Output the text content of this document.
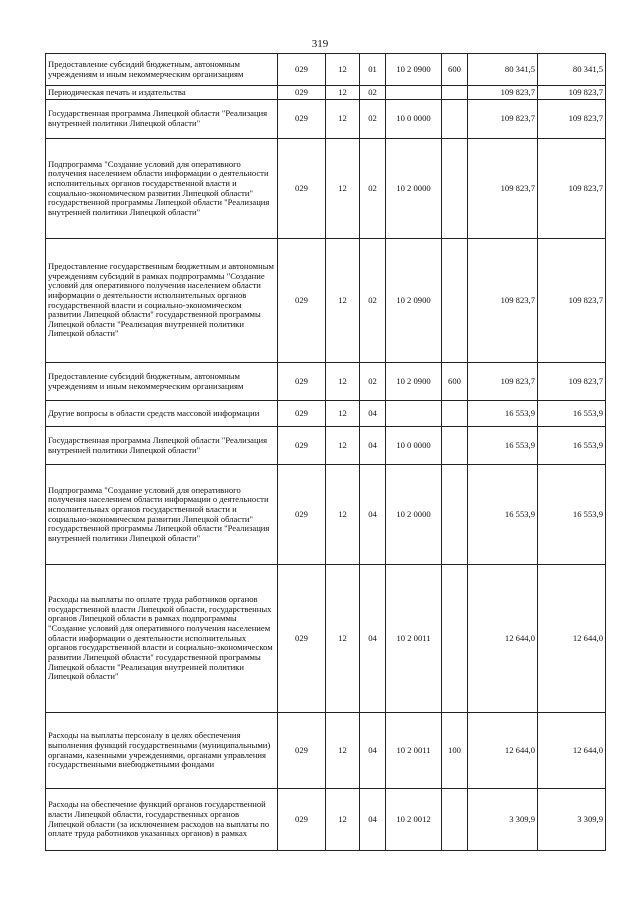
319
Предоставление субсидий бюджетным, автономным учреждениям и иным некоммерческим организациям	029	12	01	10 2 0900	600	80 341,5	80 341,5
Периодическая печать и издательства	029	12	02			109 823,7	109 823,7
Государственная программа Липецкой области "Реализация внутренней политики Липецкой области"	029	12	02	10 0 0000		109 823,7	109 823,7
Подпрограмма "Создание условий для оперативного получения населением области информации о деятельности исполнительных органов государственной власти и социально-экономическом развитии Липецкой области" государственной программы Липецкой области "Реализация внутренней политики Липецкой области"	029	12	02	10 2 0000		109 823,7	109 823,7
Предоставление государственным бюджетным и автономным учреждениям субсидий в рамках подпрограммы "Создание условий для оперативного получения населением области информации о деятельности исполнительных органов государственной власти и социально-экономическом развитии Липецкой области" государственной программы Липецкой области "Реализация внутренней политики Липецкой области"	029	12	02	10 2 0900		109 823,7	109 823,7
Предоставление субсидий бюджетным, автономным учреждениям и иным некоммерческим организациям	029	12	02	10 2 0900	600	109 823,7	109 823,7
Другие вопросы в области средств массовой информации	029	12	04			16 553,9	16 553,9
Государственная программа Липецкой области "Реализация внутренней политики Липецкой области"	029	12	04	10 0 0000		16 553,9	16 553,9
Подпрограмма "Создание условий для оперативного получения населением области информации о деятельности исполнительных органов государственной власти и социально-экономическом развитии Липецкой области" государственной программы Липецкой области "Реализация внутренней политики Липецкой области"	029	12	04	10 2 0000		16 553,9	16 553,9
Расходы на выплаты по оплате труда работников органов государственной власти Липецкой области, государственных органов Липецкой области в рамках подпрограммы "Создание условий для оперативного получения населением области информации о деятельности исполнительных органов государственной власти и социально-экономическом развитии Липецкой области" государственной программы Липецкой области "Реализация внутренней политики Липецкой области"	029	12	04	10 2 0011		12 644,0	12 644,0
Расходы на выплаты персоналу в целях обеспечения выполнения функций государственными (муниципальными) органами, казенными учреждениями, органами управления государственными внебюджетными фондами	029	12	04	10 2 0011	100	12 644,0	12 644,0
Расходы на обеспечение функций органов государственной власти Липецкой области, государственных органов Липецкой области (за исключением расходов на выплаты по оплате труда работников указанных органов) в рамках	029	12	04	10 2 0012		3 309,9	3 309,9
